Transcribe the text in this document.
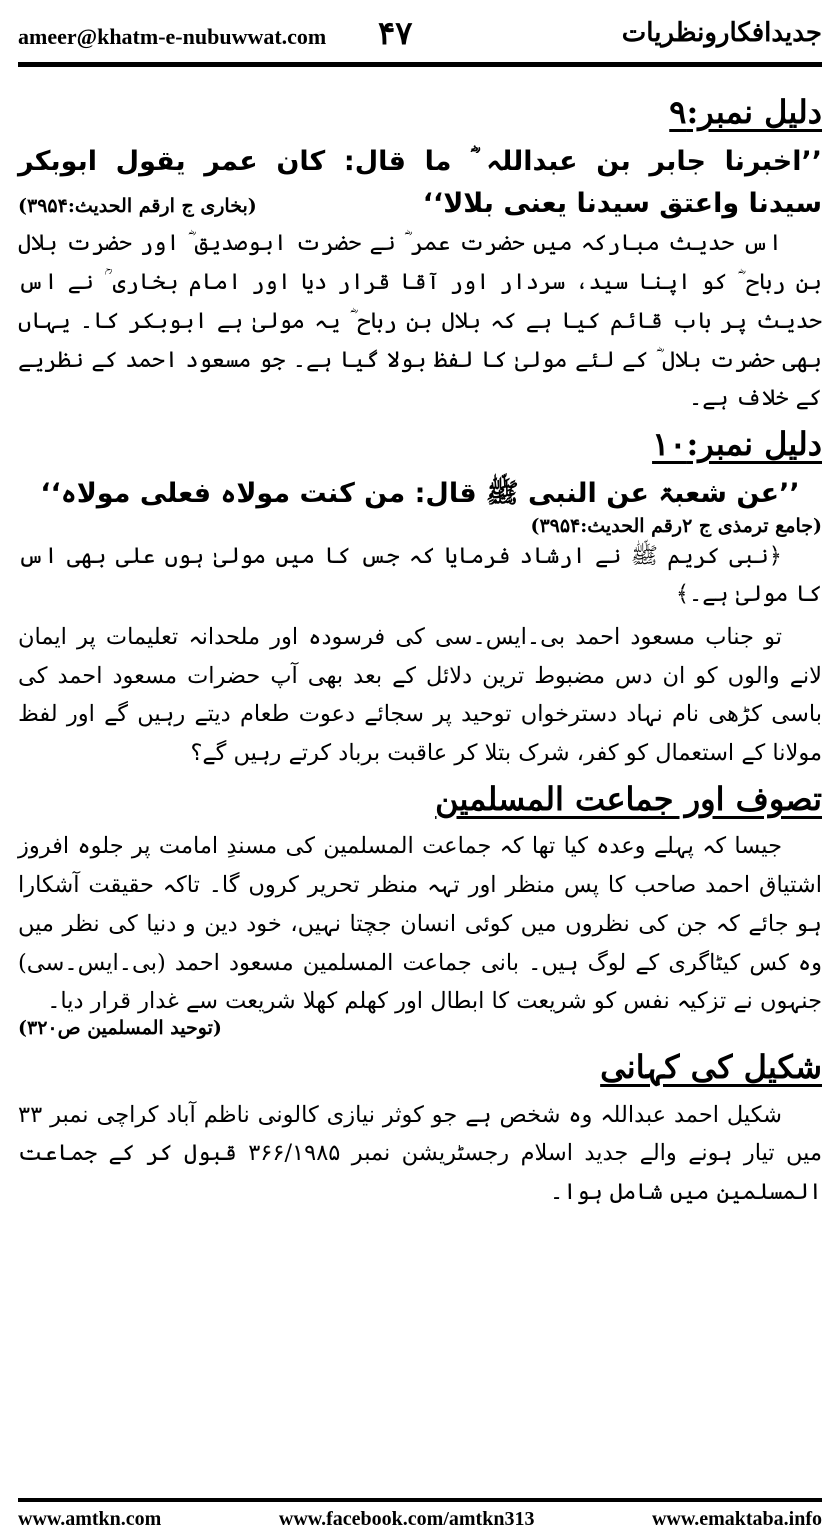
ameer@khatm-e-nubuwwat.com ۴۷	جدیدافکارونظریات
دلیل نمبر:۹

’’اخبرنا جابر بن عبداللہ ؓ ما قال: کان عمر یقول ابوبکر

سیدنا واعتق سیدنا یعنی بلالا‘‘

(بخاری ج ارقم الحدیث:۳۹۵۴)

اس حدیث مبارکہ میں حضرت عمر ؓ نے حضرت ابوصدیق ؓ اور حضرت بلال بن رباح ؓ کو اپنا سید، سردار اور آقا قرار دیا اور امام بخاری ؒ نے اس حدیث پر باب قائم کیا ہے کہ بلال بن رباح ؓ یہ مولیٰ ہے ابوبکر کا۔ یہاں بھی حضرت بلال ؓ کے لئے مولیٰ کا لفظ بولا گیا ہے۔ جو مسعود احمد کے نظریے کے خلاف ہے۔

دلیل نمبر:۱۰

’’عن شعبۃ عن النبی ﷺ قال: من کنت مولاہ فعلی مولاہ‘‘

(جامع ترمذی ج ۲رقم الحدیث:۳۹۵۴)

﴿نبی کریم ﷺ نے ارشاد فرمایا کہ جس کا میں مولیٰ ہوں علی بھی اس کا مولیٰ ہے۔﴾

تو جناب مسعود احمد بی۔ایس۔سی کی فرسودہ اور ملحدانہ تعلیمات پر ایمان لانے والوں کو ان دس مضبوط ترین دلائل کے بعد بھی آپ حضرات مسعود احمد کی باسی کڑھی نام نہاد دسترخواں توحید پر سجائے دعوت طعام دیتے رہیں گے اور لفظ مولانا کے استعمال کو کفر، شرک بتلا کر عاقبت برباد کرتے رہیں گے؟

تصوف اور جماعت المسلمین

جیسا کہ پہلے وعدہ کیا تھا کہ جماعت المسلمین کی مسندِ امامت پر جلوہ افروز اشتیاق احمد صاحب کا پس منظر اور تہہ منظر تحریر کروں گا۔ تاکہ حقیقت آشکارا ہو جائے کہ جن کی نظروں میں کوئی انسان جچتا نہیں، خود دین و دنیا کی نظر میں وہ کس کیٹاگری کے لوگ ہیں۔ بانی جماعت المسلمین مسعود احمد (بی۔ایس۔سی) جنہوں نے تزکیہ نفس کو شریعت کا ابطال اور کھلم کھلا شریعت سے غدار قرار دیا۔

(توحید المسلمین ص۳۲۰)
شکیل کی کہانی

شکیل احمد عبداللہ وہ شخص ہے جو کوثر نیازی کالونی ناظم آباد کراچی نمبر ۳۳ میں تیار ہونے والے جدید اسلام رجسٹریشن نمبر ۳۶۶/۱۹۸۵ قبول کر کے جماعت المسلمین میں شامل ہوا۔

www.amtkn.com	www.facebook.com/amtkn313	www.emaktaba.info
